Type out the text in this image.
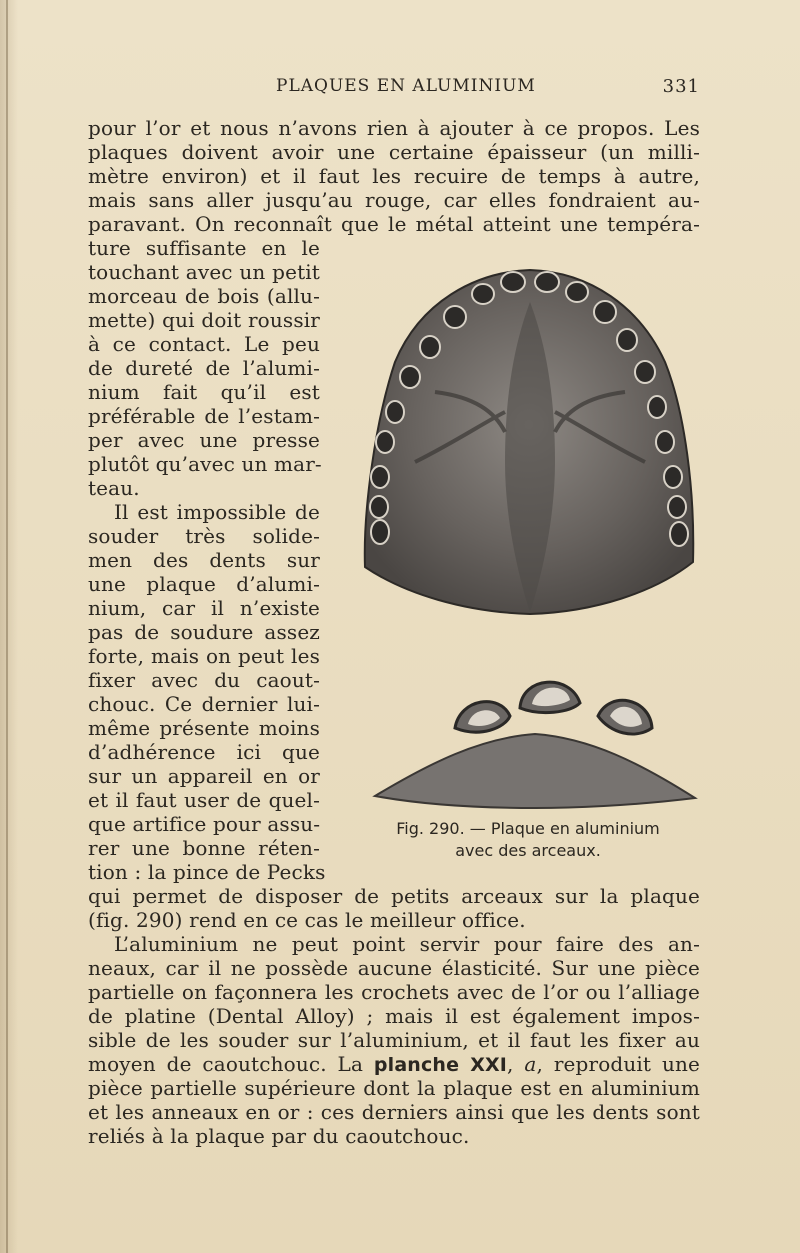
PLAQUES EN ALUMINIUM	331
pour l’or et nous n’avons rien à ajouter à ce propos. Les
plaques doivent avoir une certaine épaisseur (un milli-
mètre environ) et il faut les recuire de temps à autre,
mais sans aller jusqu’au rouge, car elles fondraient au-
paravant. On reconnaît que le métal atteint une tempéra-
ture suffisante en le
touchant avec un petit
morceau de bois (allu-
mette) qui doit roussir
à ce contact. Le peu
de dureté de l’alumi-
nium fait qu’il est
préférable de l’estam-
per avec une presse
plutôt qu’avec un mar-
teau.
Il est impossible de
souder très solide-
men des dents sur
une plaque d’alumi-
nium, car il n’existe
pas de soudure assez
forte, mais on peut les
fixer avec du caout-
chouc. Ce dernier lui-
même présente moins
d’adhérence ici que
sur un appareil en or
et il faut user de quel-
que artifice pour assu-
rer une bonne réten-
tion : la pince de Pecks
qui permet de disposer de petits arceaux sur la plaque
(fig. 290) rend en ce cas le meilleur office.
L’aluminium ne peut point servir pour faire des an-
neaux, car il ne possède aucune élasticité. Sur une pièce
partielle on façonnera les crochets avec de l’or ou l’alliage
de platine (Dental Alloy) ; mais il est également impos-
sible de les souder sur l’aluminium, et il faut les fixer au
moyen de caoutchouc. La planche XXI, a, reproduit une
pièce partielle supérieure dont la plaque est en aluminium
et les anneaux en or : ces derniers ainsi que les dents sont
reliés à la plaque par du caoutchouc.
Fig. 290. — Plaque en aluminium
avec des arceaux.
